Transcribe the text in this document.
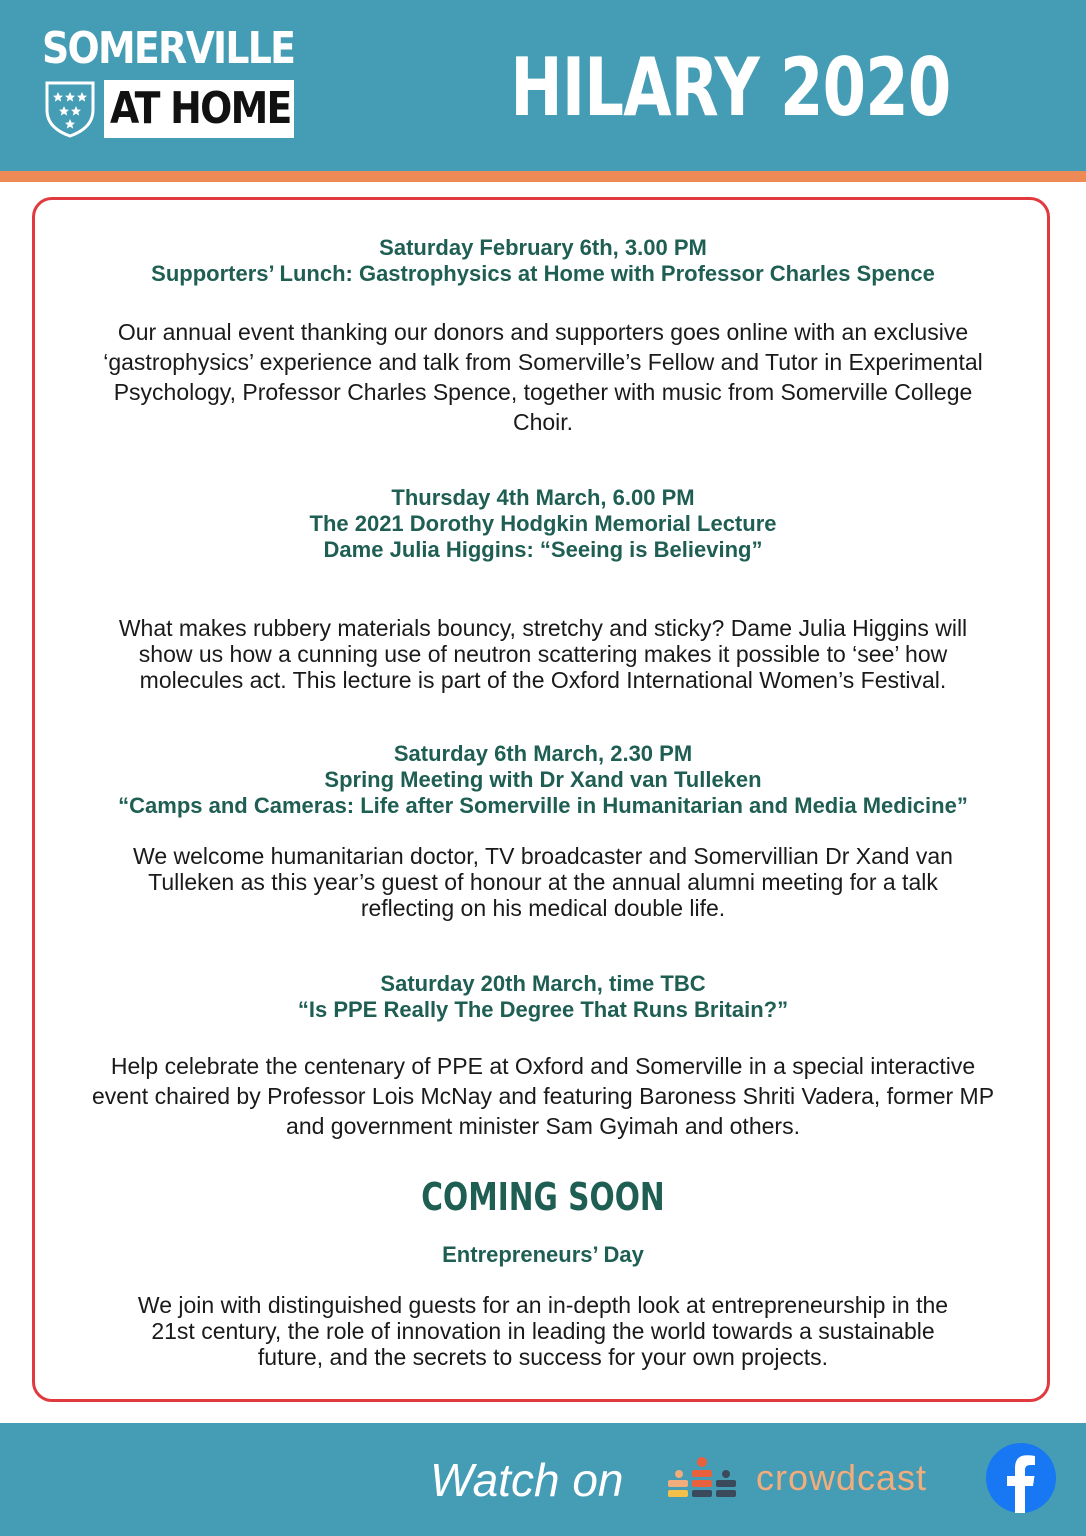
SOMERVILLE
AT HOME	HILARY 2020
Saturday February 6th, 3.00 PM
Supporters’ Lunch: Gastrophysics at Home with Professor Charles Spence
Our annual event thanking our donors and supporters goes online with an exclusive
‘gastrophysics’ experience and talk from Somerville’s Fellow and Tutor in Experimental
Psychology, Professor Charles Spence, together with music from Somerville College
Choir.
Thursday 4th March, 6.00 PM
The 2021 Dorothy Hodgkin Memorial Lecture
Dame Julia Higgins: “Seeing is Believing”
What makes rubbery materials bouncy, stretchy and sticky? Dame Julia Higgins will
show us how a cunning use of neutron scattering makes it possible to ‘see’ how
molecules act. This lecture is part of the Oxford International Women’s Festival.
Saturday 6th March, 2.30 PM
Spring Meeting with Dr Xand van Tulleken
“Camps and Cameras: Life after Somerville in Humanitarian and Media Medicine”
We welcome humanitarian doctor, TV broadcaster and Somervillian Dr Xand van
Tulleken as this year’s guest of honour at the annual alumni meeting for a talk
reflecting on his medical double life.
Saturday 20th March, time TBC
“Is PPE Really The Degree That Runs Britain?”
Help celebrate the centenary of PPE at Oxford and Somerville in a special interactive
event chaired by Professor Lois McNay and featuring Baroness Shriti Vadera, former MP
and government minister Sam Gyimah and others.
COMING SOON
Entrepreneurs’ Day
We join with distinguished guests for an in-depth look at entrepreneurship in the
21st century, the role of innovation in leading the world towards a sustainable
future, and the secrets to success for your own projects.
Watch on	crowdcast
